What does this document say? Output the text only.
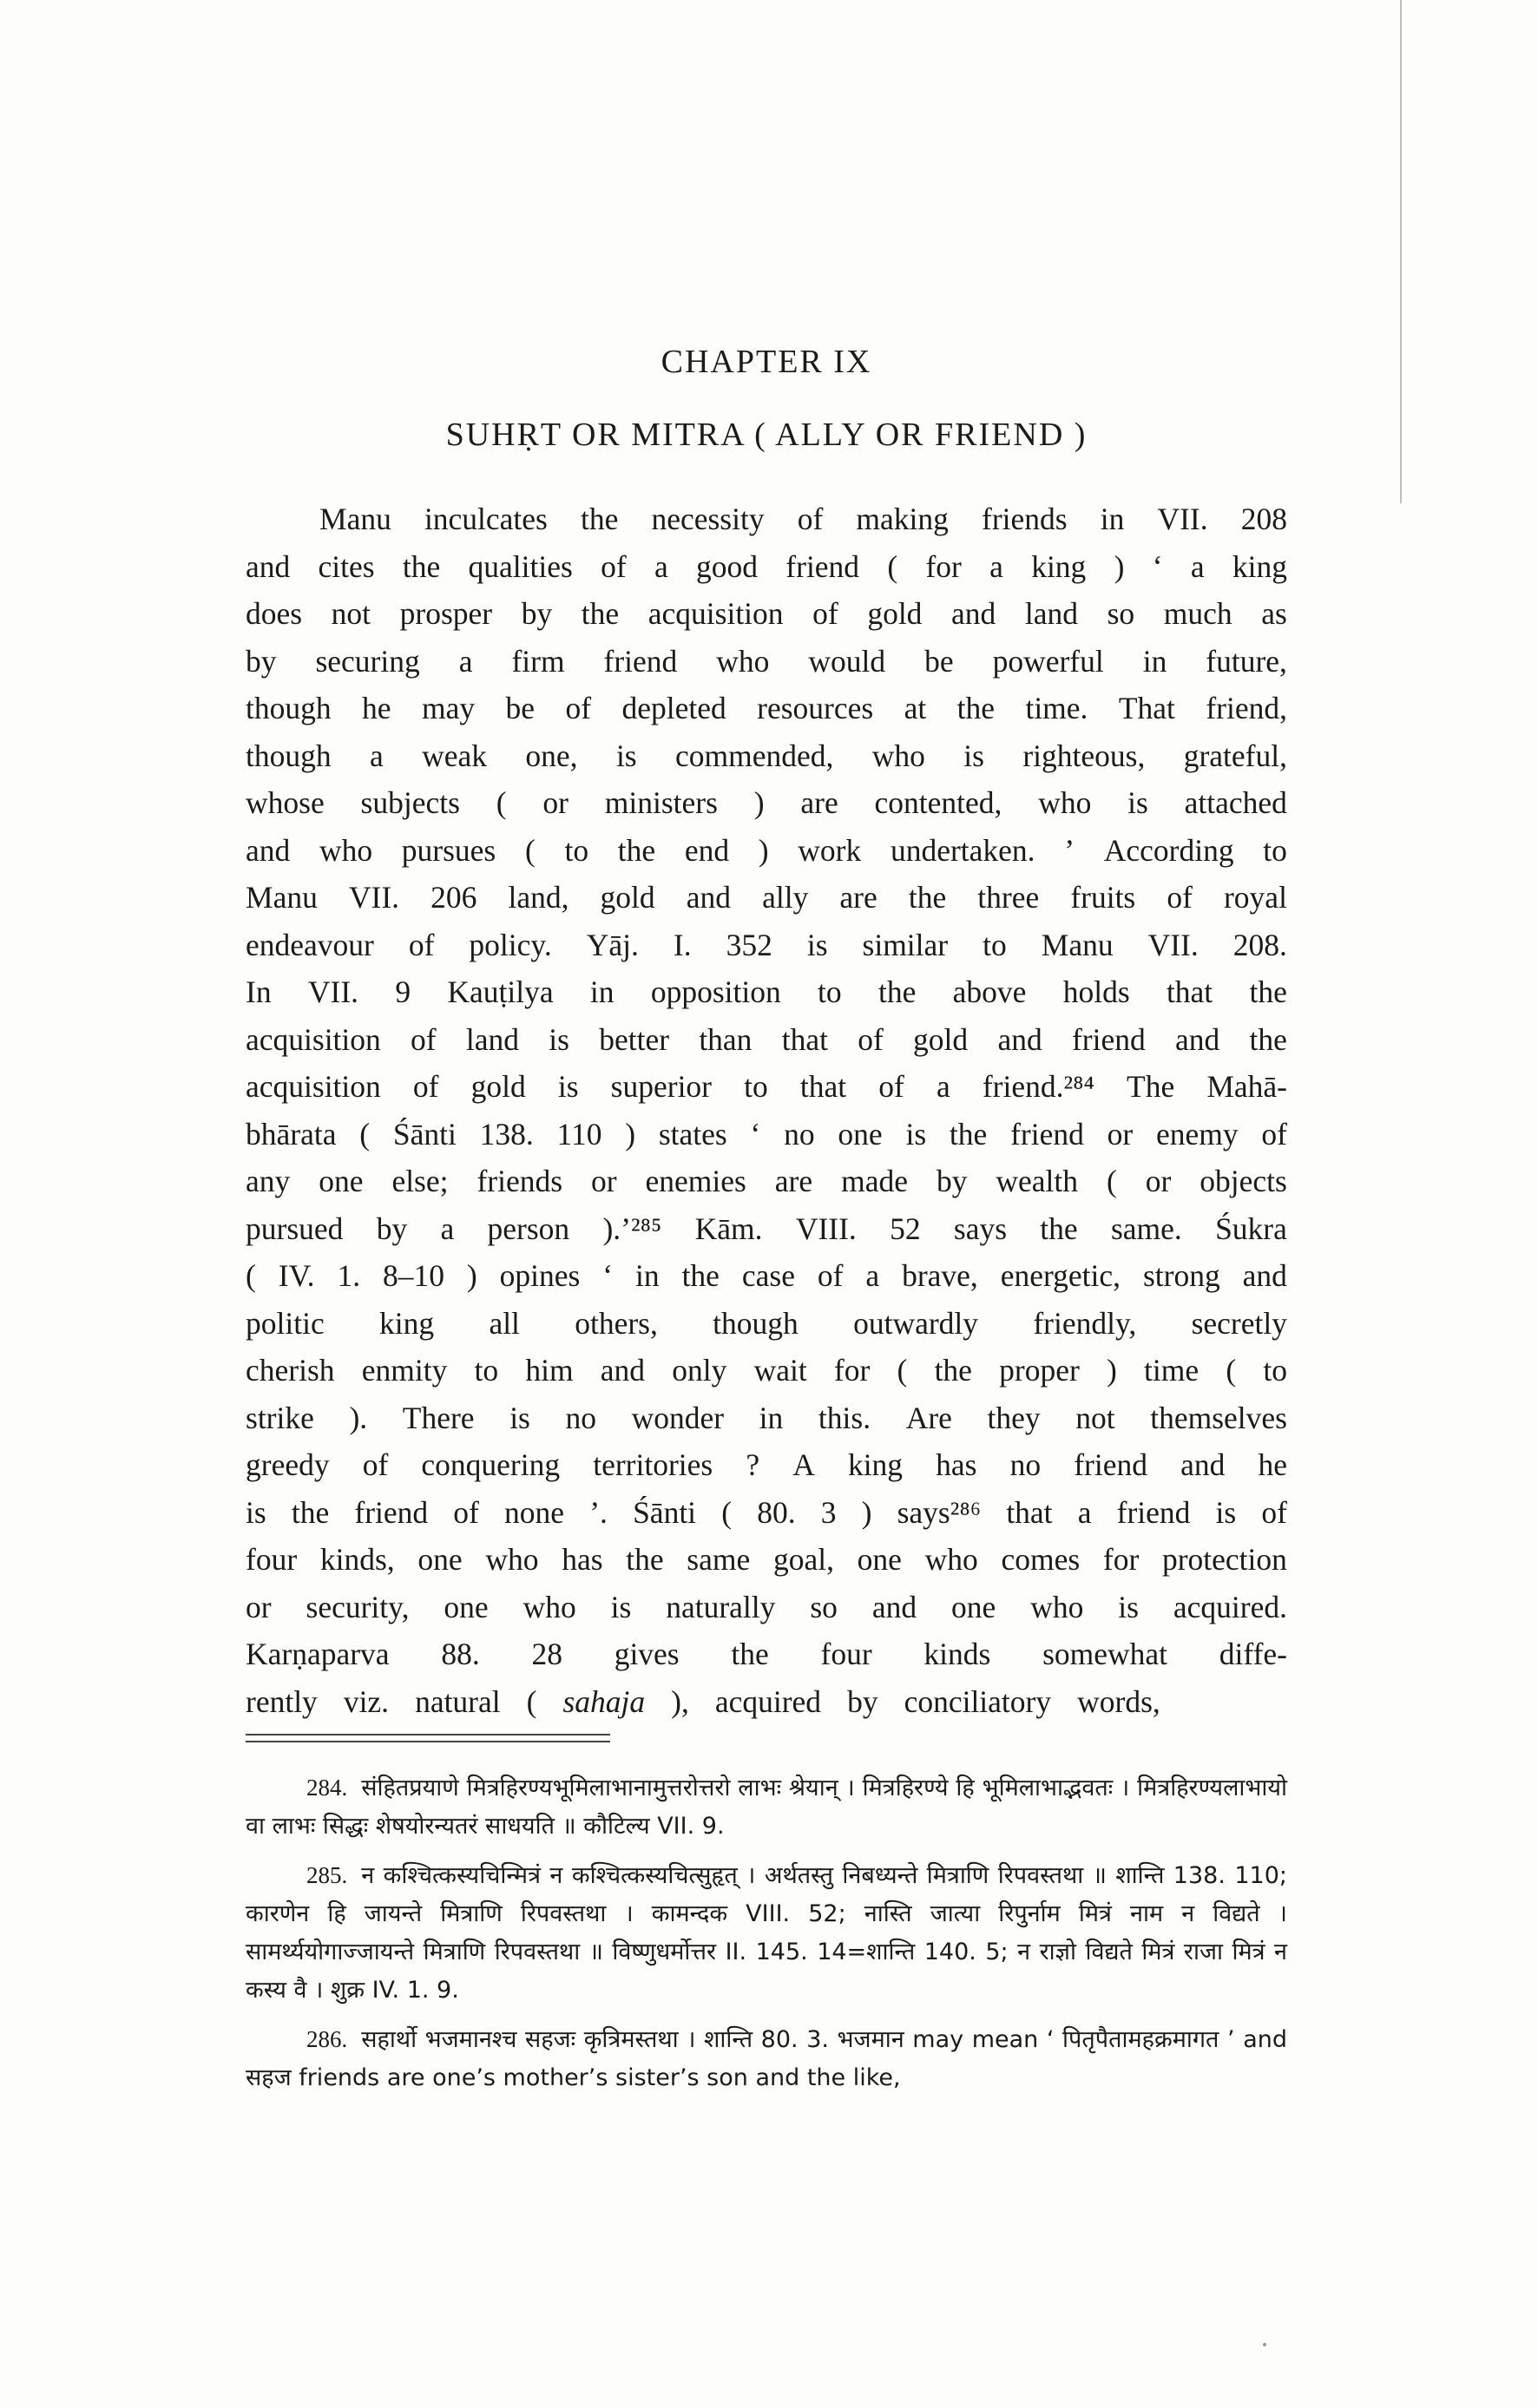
CHAPTER IX
SUHṚT OR MITRA ( ALLY OR FRIEND )
Manu inculcates the necessity of making friends in VII. 208
and cites the qualities of a good friend ( for a king ) ‘ a king
does not prosper by the acquisition of gold and land so much as
by securing a firm friend who would be powerful in future,
though he may be of depleted resources at the time. That friend,
though a weak one, is commended, who is righteous, grateful,
whose subjects ( or ministers ) are contented, who is attached
and who pursues ( to the end ) work undertaken. ’ According to
Manu VII. 206 land, gold and ally are the three fruits of royal
endeavour of policy. Yāj. I. 352 is similar to Manu VII. 208.
In VII. 9 Kauṭilya in opposition to the above holds that the
acquisition of land is better than that of gold and friend and the
acquisition of gold is superior to that of a friend.²⁸⁴ The Mahā-
bhārata ( Śānti 138. 110 ) states ‘ no one is the friend or enemy of
any one else; friends or enemies are made by wealth ( or objects
pursued by a person ).’²⁸⁵ Kām. VIII. 52 says the same. Śukra
( IV. 1. 8–10 ) opines ‘ in the case of a brave, energetic, strong and
politic king all others, though outwardly friendly, secretly
cherish enmity to him and only wait for ( the proper ) time ( to
strike ). There is no wonder in this. Are they not themselves
greedy of conquering territories ? A king has no friend and he
is the friend of none ’. Śānti ( 80. 3 ) says²⁸⁶ that a friend is of
four kinds, one who has the same goal, one who comes for protection
or security, one who is naturally so and one who is acquired.
Karṇaparva 88. 28 gives the four kinds somewhat diffe-
rently viz. natural ( sahaja ), acquired by conciliatory words,

284. संहितप्रयाणे मित्रहिरण्यभूमिलाभानामुत्तरोत्तरो लाभः श्रेयान् । मित्रहिरण्ये हि भूमिलाभाद्भवतः । मित्रहिरण्यलाभायो वा लाभः सिद्धः शेषयोरन्यतरं साधयति ॥ कौटिल्य VII. 9.

285. न कश्चित्कस्यचिन्मित्रं न कश्चित्कस्यचित्सुहृत् । अर्थतस्तु निबध्यन्ते मित्राणि रिपवस्तथा ॥ शान्ति 138. 110; कारणेन हि जायन्ते मित्राणि रिपवस्तथा । कामन्दक VIII. 52; नास्ति जात्या रिपुर्नाम मित्रं नाम न विद्यते । सामर्थ्ययोगाज्जायन्ते मित्राणि रिपवस्तथा ॥ विष्णुधर्मोत्तर II. 145. 14=शान्ति 140. 5; न राज्ञो विद्यते मित्रं राजा मित्रं न कस्य वै । शुक्र IV. 1. 9.

286. सहार्थो भजमानश्च सहजः कृत्रिमस्तथा । शान्ति 80. 3. भजमान may mean ‘ पितृपैतामहक्रमागत ’ and सहज friends are one’s mother’s sister’s son and the like,
